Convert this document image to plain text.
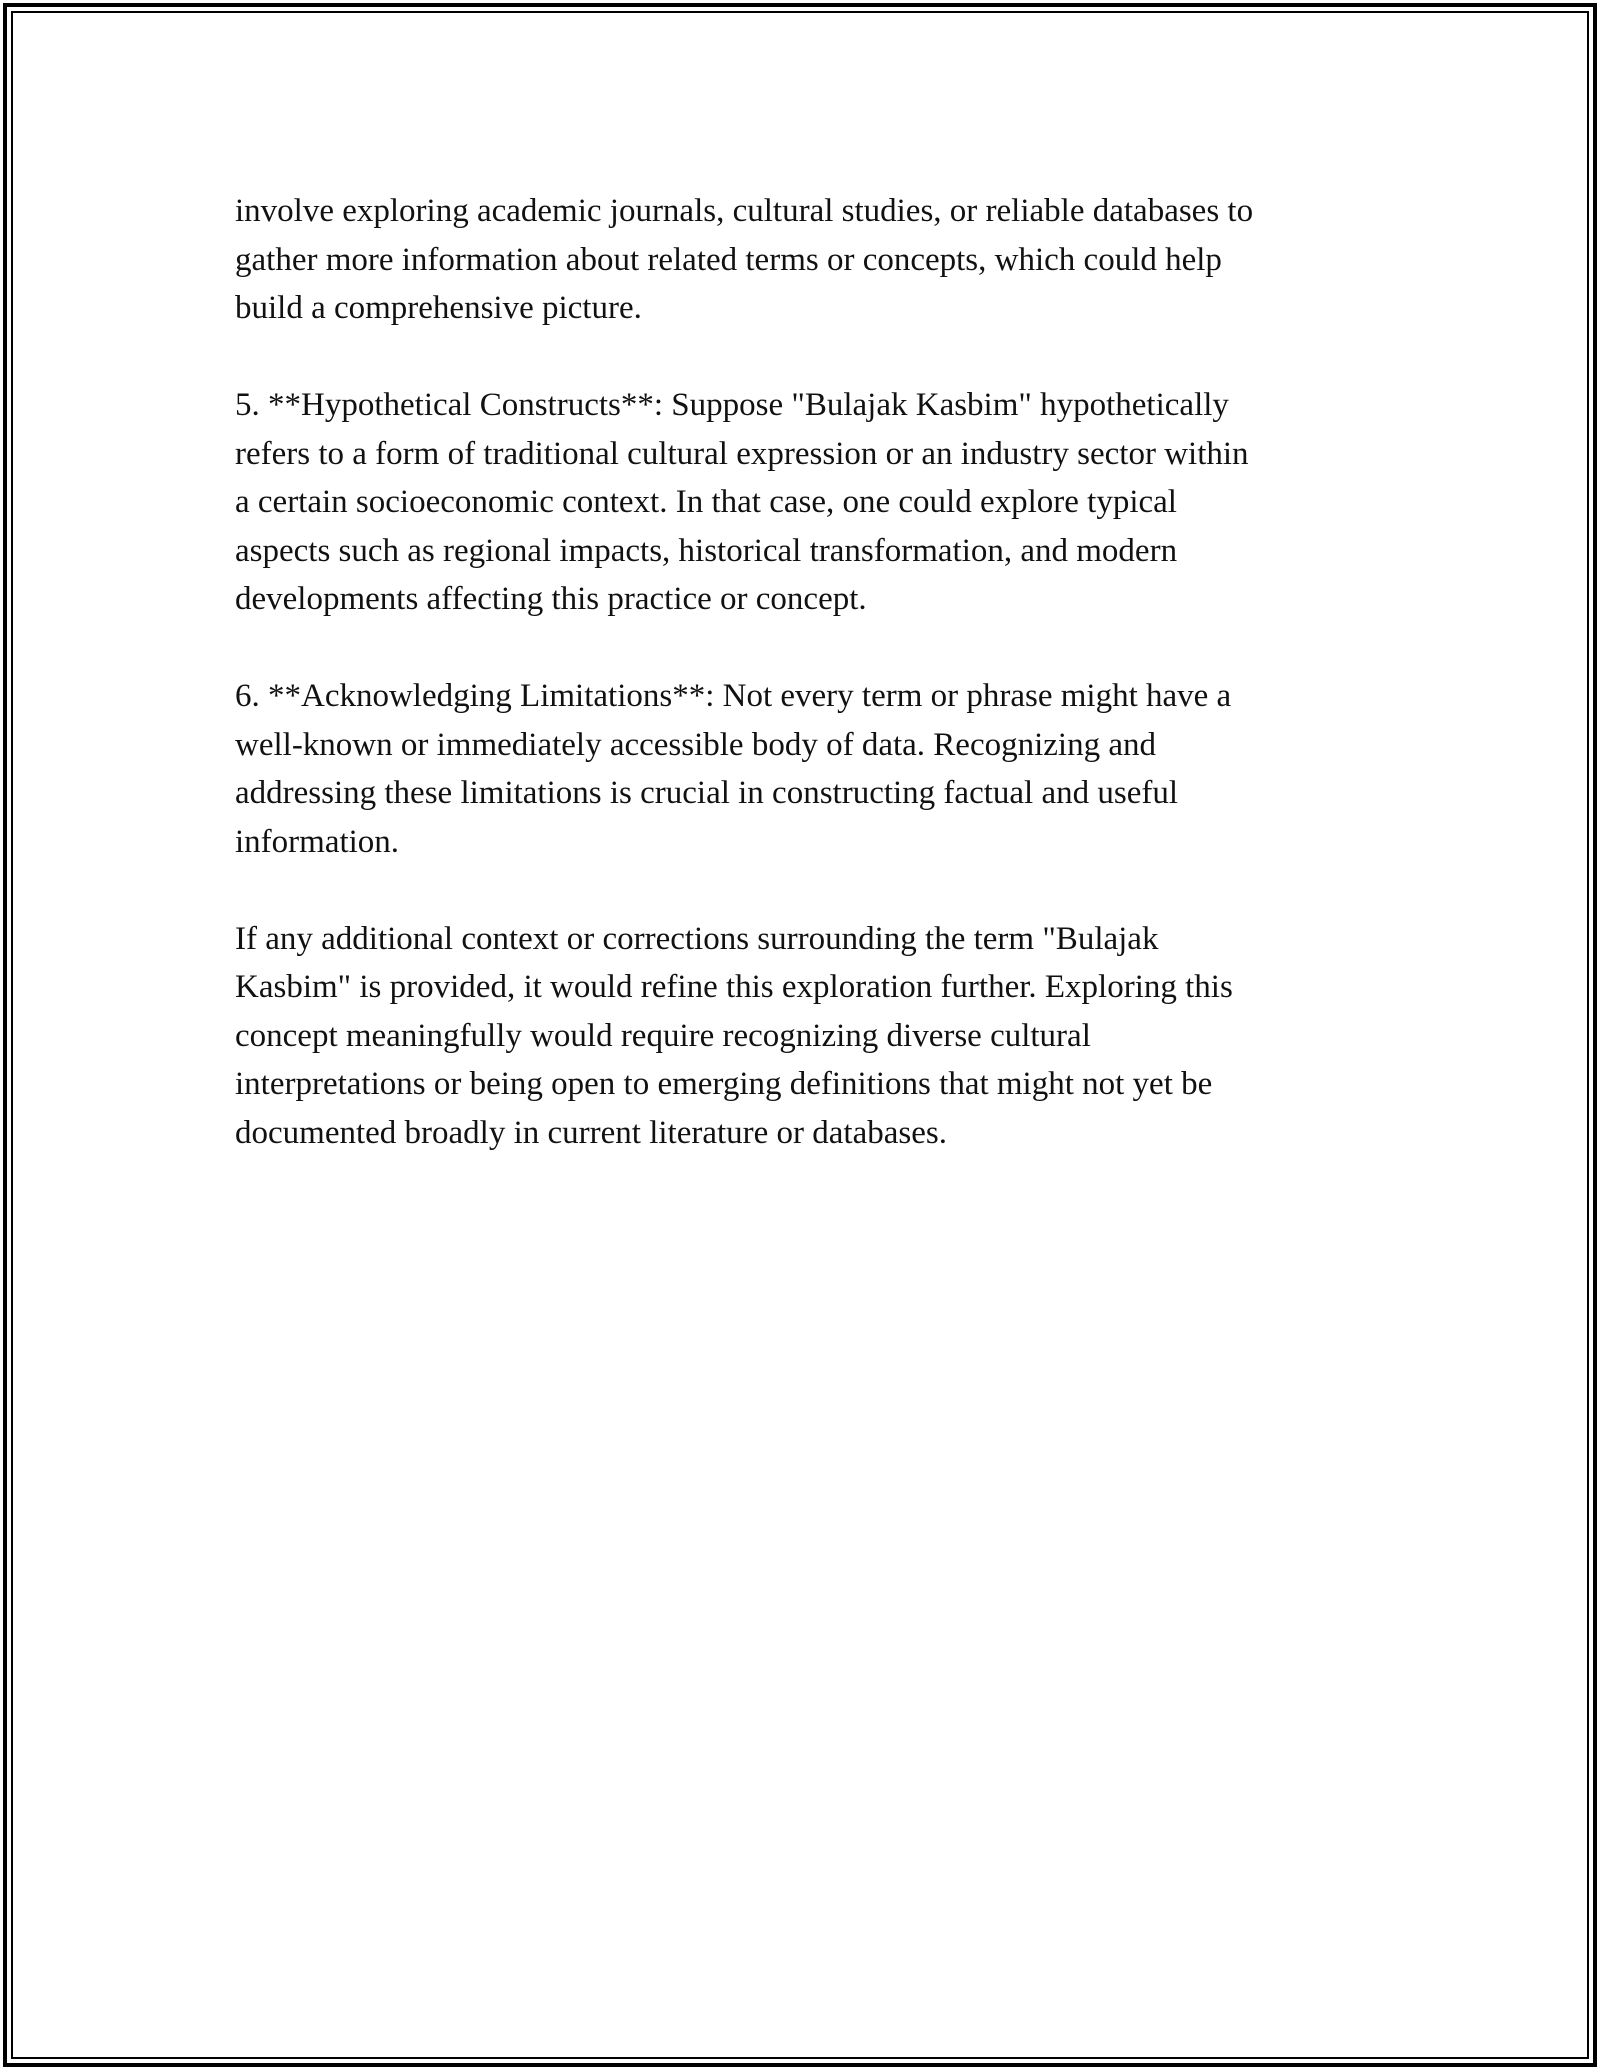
involve exploring academic journals, cultural studies, or reliable databases to
gather more information about related terms or concepts, which could help
build a comprehensive picture.

5. **Hypothetical Constructs**: Suppose "Bulajak Kasbim" hypothetically
refers to a form of traditional cultural expression or an industry sector within
a certain socioeconomic context. In that case, one could explore typical
aspects such as regional impacts, historical transformation, and modern
developments affecting this practice or concept.

6. **Acknowledging Limitations**: Not every term or phrase might have a
well-known or immediately accessible body of data. Recognizing and
addressing these limitations is crucial in constructing factual and useful
information.

If any additional context or corrections surrounding the term "Bulajak
Kasbim" is provided, it would refine this exploration further. Exploring this
concept meaningfully would require recognizing diverse cultural
interpretations or being open to emerging definitions that might not yet be
documented broadly in current literature or databases.
